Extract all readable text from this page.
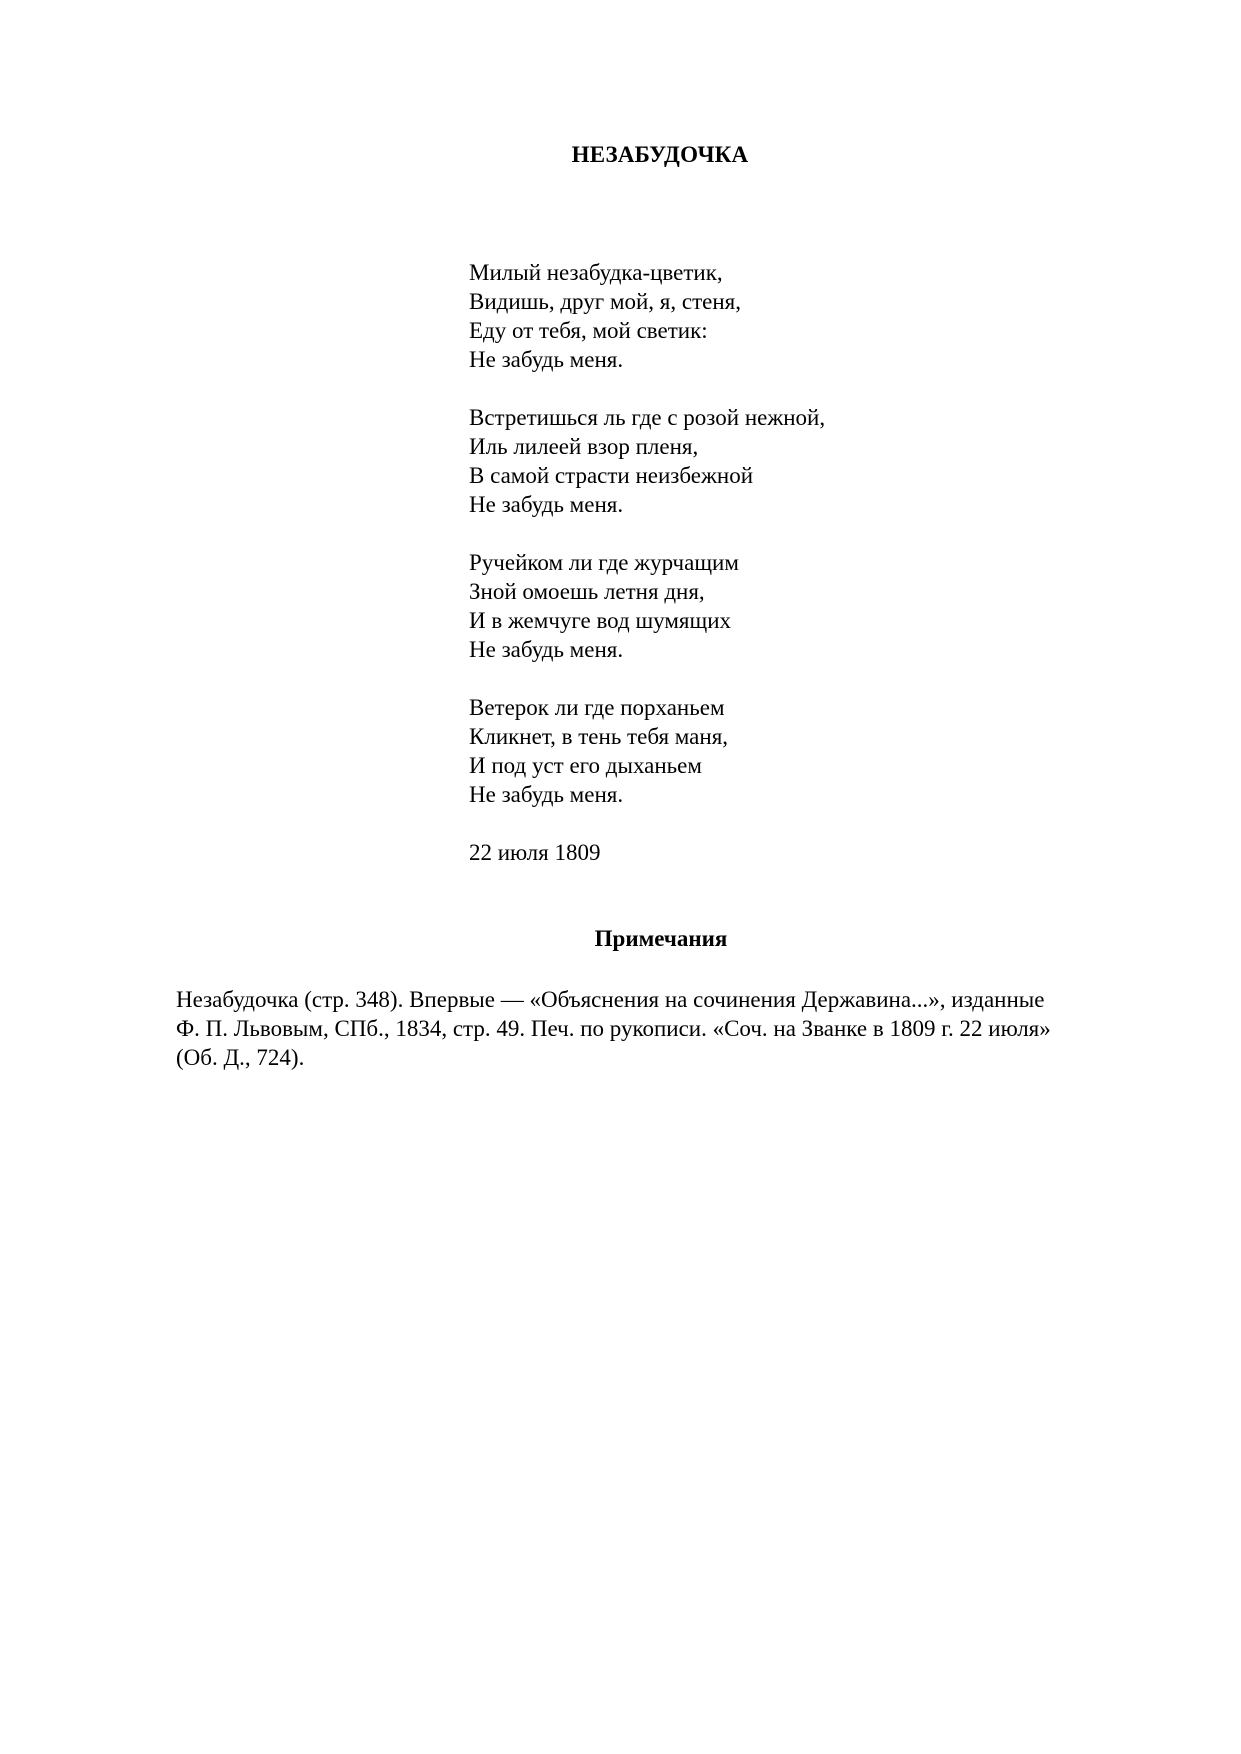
НЕЗАБУДОЧКА
Милый незабудка-цветик,
Видишь, друг мой, я, стеня,
Еду от тебя, мой светик:
Не забудь меня.
Встретишься ль где с розой нежной,
Иль лилеей взор пленя,
В самой страсти неизбежной
Не забудь меня.
Ручейком ли где журчащим
Зной омоешь летня дня,
И в жемчуге вод шумящих
Не забудь меня.
Ветерок ли где порханьем
Кликнет, в тень тебя маня,
И под уст его дыханьем
Не забудь меня.
22 июля 1809
Примечания
Незабудочка (стр. 348). Впервые — «Объяснения на сочинения Державина...», изданные
Ф. П. Львовым, СПб., 1834, стр. 49. Печ. по рукописи. «Соч. на Званке в 1809 г. 22 июля»
(Об. Д., 724).
